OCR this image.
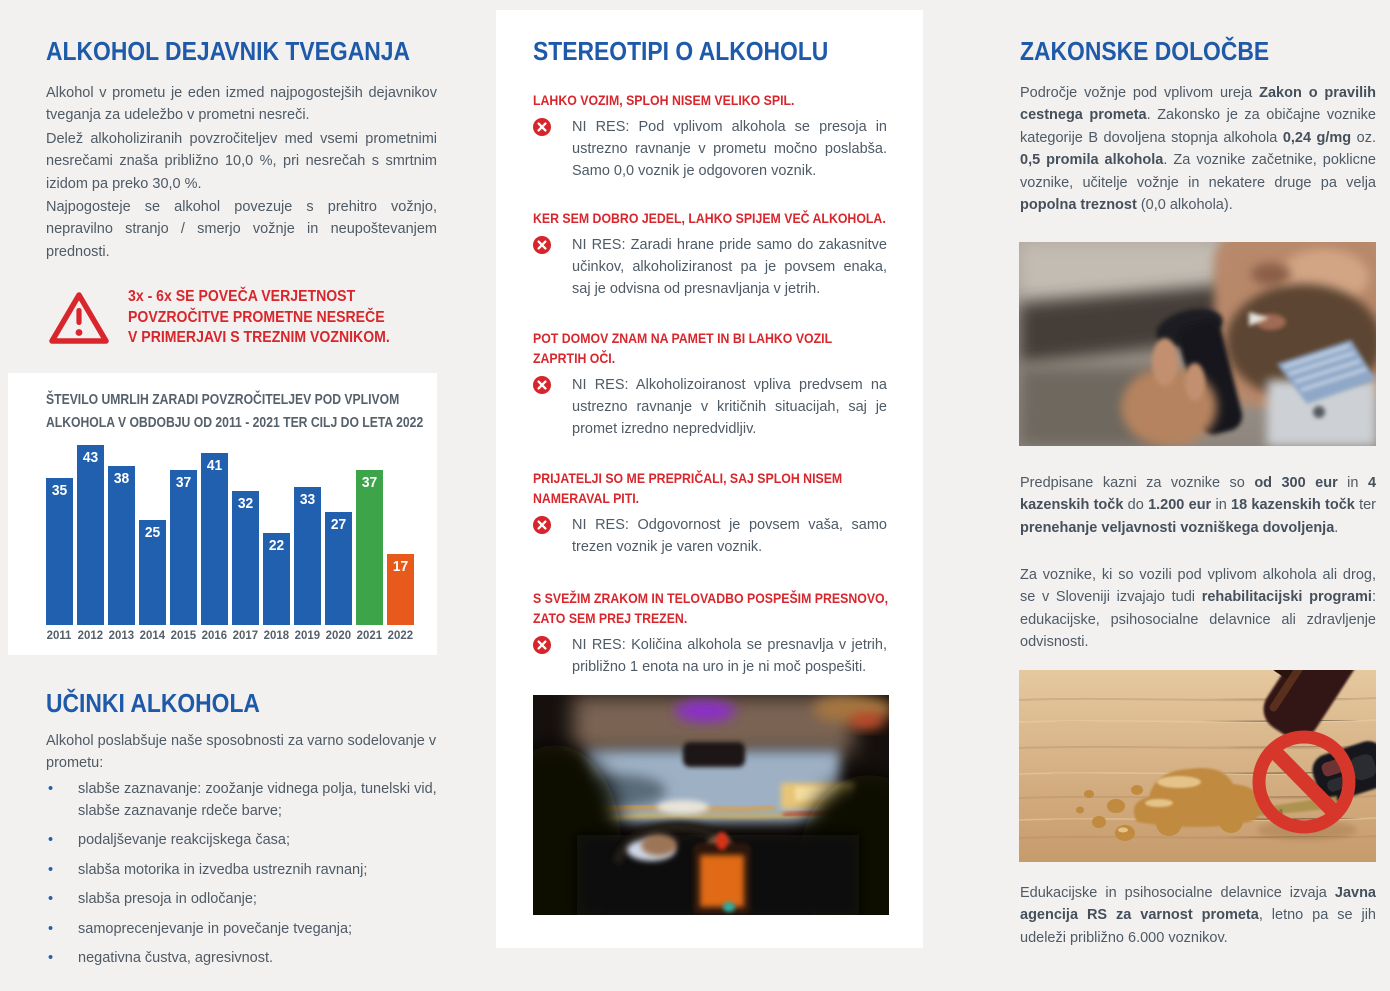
ALKOHOL DEJAVNIK TVEGANJA

Alkohol v prometu je eden izmed najpogostejših dejavnikov tveganja za udeležbo v prometni nesreči.

Delež alkoholiziranih povzročiteljev med vsemi prometnimi nesrečami znaša približno 10,0 %, pri nesrečah s smrtnim izidom pa preko 30,0 %.

Najpogosteje se alkohol povezuje s prehitro vožnjo, nepravilno stranjo / smerjo vožnje in neupoštevanjem prednosti.

3x - 6x SE POVEČA VERJETNOST
POVZROČITVE PROMETNE NESREČE
V PRIMERJAVI S TREZNIM VOZNIKOM.
UČINKI ALKOHOLA

Alkohol poslabšuje naše sposobnosti za varno sodelovanje v prometu:

•	slabše zaznavanje: zoožanje vidnega polja, tunelski vid, slabše zaznavanje rdeče barve;
•	podaljševanje reakcijskega časa;
•	slabša motorika in izvedba ustreznih ravnanj;
•	slabša presoja in odločanje;
•	samoprecenjevanje in povečanje tveganja;
•	negativna čustva, agresivnost.
ŠTEVILO UMRLIH ZARADI POVZROČITELJEV POD VPLIVOM
ALKOHOLA V OBDOBJU OD 2011 - 2021 TER CILJ DO LETA 2022
35
2011
43
2012
38
2013
25
2014
37
2015
41
2016
32
2017
22
2018
33
2019
27
2020
37
2021
17
2022
STEREOTIPI O ALKOHOLU
LAHKO VOZIM, SPLOH NISEM VELIKO SPIL.
NI RES: Pod vplivom alkohola se presoja in ustrezno ravnanje v prometu močno poslabša. Samo 0,0 voznik je odgovoren voznik.
KER SEM DOBRO JEDEL, LAHKO SPIJEM VEČ ALKOHOLA.
NI RES: Zaradi hrane pride samo do zakasnitve učinkov, alkoholiziranost pa je povsem enaka, saj je odvisna od presnavljanja v jetrih.
POT DOMOV ZNAM NA PAMET IN BI LAHKO VOZIL
ZAPRTIH OČI.
NI RES: Alkoholizoiranost vpliva predvsem na ustrezno ravnanje v kritičnih situacijah, saj je promet izredno nepredvidljiv.
PRIJATELJI SO ME PREPRIČALI, SAJ SPLOH NISEM
NAMERAVAL PITI.
NI RES: Odgovornost je povsem vaša, samo trezen voznik je varen voznik.
S SVEŽIM ZRAKOM IN TELOVADBO POSPEŠIM PRESNOVO,
ZATO SEM PREJ TREZEN.
NI RES: Količina alkohola se presnavlja v jetrih, približno 1 enota na uro in je ni moč pospešiti.
ZAKONSKE DOLOČBE

Področje vožnje pod vplivom ureja Zakon o pravilih cestnega prometa. Zakonsko je za običajne voznike kategorije B dovoljena stopnja alkohola 0,24 g/mg oz. 0,5 promila alkohola. Za voznike začetnike, poklicne voznike, učitelje vožnje in nekatere druge pa velja popolna treznost (0,0 alkohola).

Predpisane kazni za voznike so od 300 eur in 4 kazenskih točk do 1.200 eur in 18 kazenskih točk ter prenehanje veljavnosti vozniškega dovoljenja.

Za voznike, ki so vozili pod vplivom alkohola ali drog, se v Sloveniji izvajajo tudi rehabilitacijski programi: edukacijske, psihosocialne delavnice ali zdravljenje odvisnosti.

Edukacijske in psihosocialne delavnice izvaja Javna agencija RS za varnost prometa, letno pa se jih udeleži približno 6.000 voznikov.
